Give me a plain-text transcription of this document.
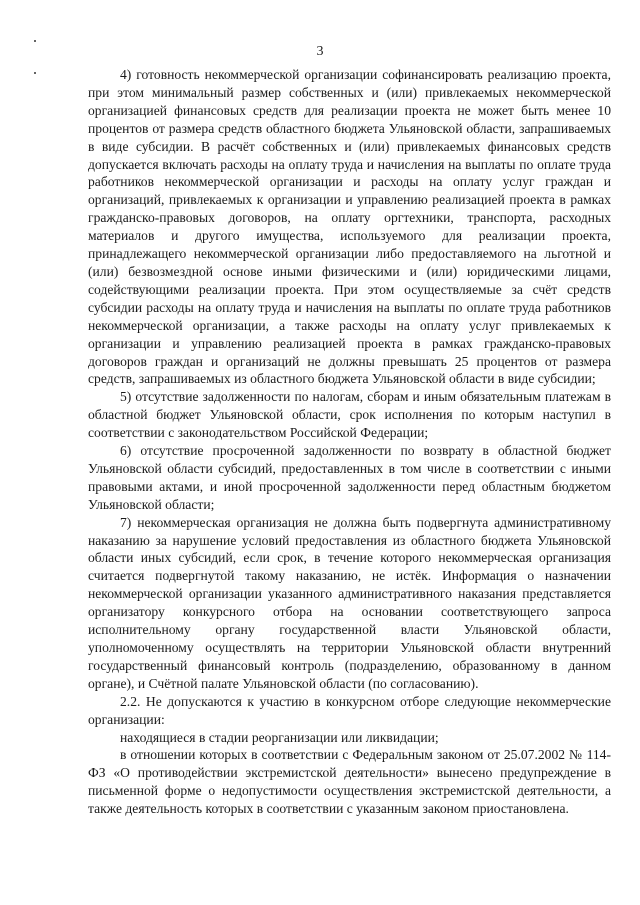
3

4) готовность некоммерческой организации софинансировать реализацию проекта, при этом минимальный размер собственных и (или) привлекаемых некоммерческой организацией финансовых средств для реализации проекта не может быть менее 10 процентов от размера средств областного бюджета Ульяновской области, запрашиваемых в виде субсидии. В расчёт собственных и (или) привлекаемых финансовых средств допускается включать расходы на оплату труда и начисления на выплаты по оплате труда работников некоммерческой организации и расходы на оплату услуг граждан и организаций, привлекаемых к организации и управлению реализацией проекта в рамках гражданско-правовых договоров, на оплату оргтехники, транспорта, расходных материалов и другого имущества, используемого для реализации проекта, принадлежащего некоммерческой организации либо предоставляемого на льготной и (или) безвозмездной основе иными физическими и (или) юридическими лицами, содействующими реализации проекта. При этом осуществляемые за счёт средств субсидии расходы на оплату труда и начисления на выплаты по оплате труда работников некоммерческой организации, а также расходы на оплату услуг привлекаемых к организации и управлению реализацией проекта в рамках гражданско-правовых договоров граждан и организаций не должны превышать 25 процентов от размера средств, запрашиваемых из областного бюджета Ульяновской области в виде субсидии;

5) отсутствие задолженности по налогам, сборам и иным обязательным платежам в областной бюджет Ульяновской области, срок исполнения по которым наступил в соответствии с законодательством Российской Федерации;

6) отсутствие просроченной задолженности по возврату в областной бюджет Ульяновской области субсидий, предоставленных в том числе в соответствии с иными правовыми актами, и иной просроченной задолженности перед областным бюджетом Ульяновской области;

7) некоммерческая организация не должна быть подвергнута административному наказанию за нарушение условий предоставления из областного бюджета Ульяновской области иных субсидий, если срок, в течение которого некоммерческая организация считается подвергнутой такому наказанию, не истёк. Информация о назначении некоммерческой организации указанного административного наказания представляется организатору конкурсного отбора на основании соответствующего запроса исполнительному органу государственной власти Ульяновской области, уполномоченному осуществлять на территории Ульяновской области внутренний государственный финансовый контроль (подразделению, образованному в данном органе), и Счётной палате Ульяновской области (по согласованию).

2.2. Не допускаются к участию в конкурсном отборе следующие некоммерческие организации:

находящиеся в стадии реорганизации или ликвидации;

в отношении которых в соответствии с Федеральным законом от 25.07.2002 № 114-ФЗ «О противодействии экстремистской деятельности» вынесено предупреждение в письменной форме о недопустимости осуществления экстремистской деятельности, а также деятельность которых в соответствии с указанным законом приостановлена.
